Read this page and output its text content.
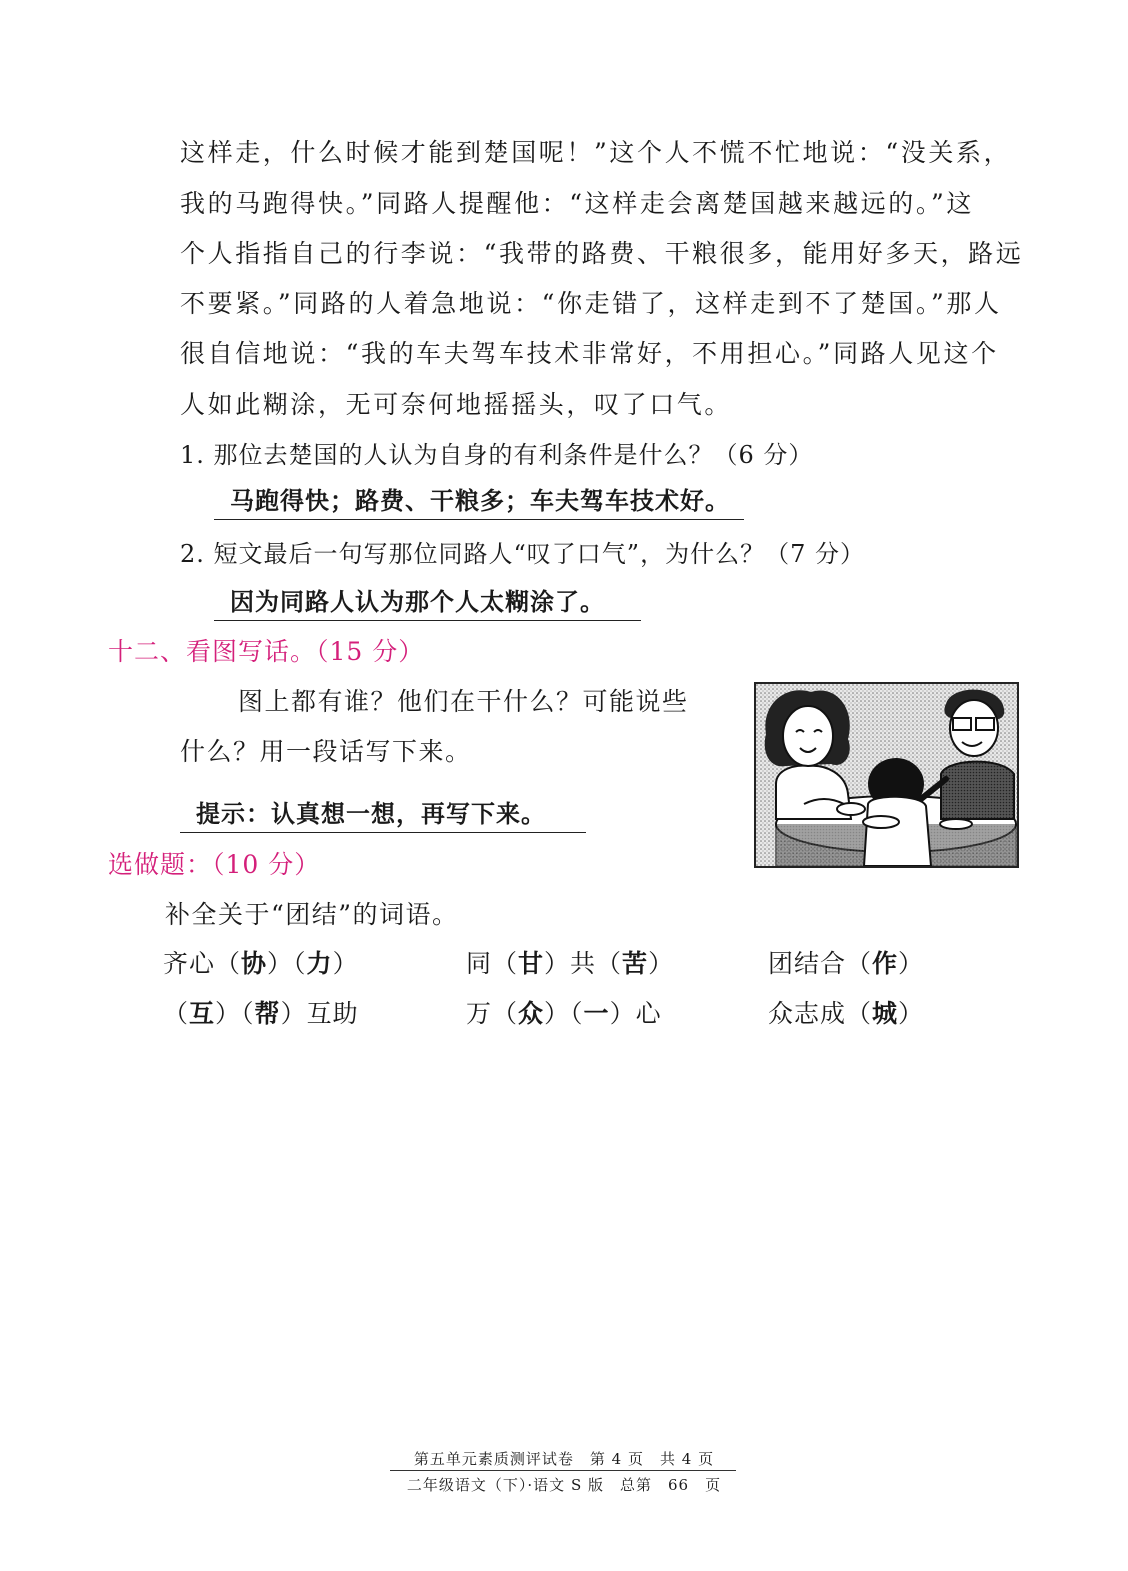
这样走，什么时候才能到楚国呢！”这个人不慌不忙地说：“没关系，
我的马跑得快。”同路人提醒他：“这样走会离楚国越来越远的。”这
个人指指自己的行李说：“我带的路费、干粮很多，能用好多天，路远
不要紧。”同路的人着急地说：“你走错了，这样走到不了楚国。”那人
很自信地说：“我的车夫驾车技术非常好，不用担心。”同路人见这个
人如此糊涂，无可奈何地摇摇头，叹了口气。
1. 那位去楚国的人认为自身的有利条件是什么？（6 分）
马跑得快；路费、干粮多；车夫驾车技术好。
2. 短文最后一句写那位同路人“叹了口气”，为什么？（7 分）
因为同路人认为那个人太糊涂了。
十二、看图写话。（15 分）
图上都有谁？他们在干什么？可能说些
什么？用一段话写下来。
提示：认真想一想，再写下来。
选做题：（10 分）
补全关于“团结”的词语。
齐心（协）（力）	同（甘）共（苦）	团结合（作）
（互）（帮）互助	万（众）（一）心	众志成（城）
第五单元素质测评试卷　第 4 页　共 4 页
二年级语文（下）·语文 S 版　总第　66　页
